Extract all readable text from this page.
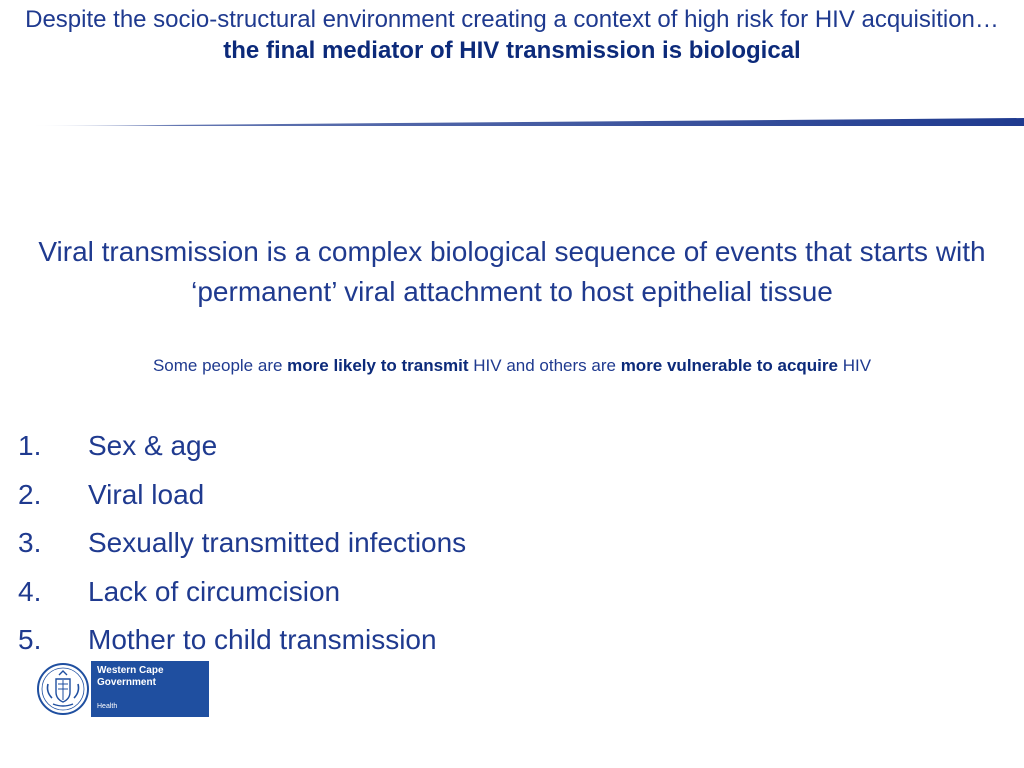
Despite the socio-structural environment creating a context of high risk for HIV acquisition…

the final mediator of HIV transmission is biological

Viral transmission is a complex biological sequence of events that starts with ‘permanent’ viral attachment to host epithelial tissue
Some people are more likely to transmit HIV and others are more vulnerable to acquire HIV
1.	Sex & age
2.	Viral load
3.	Sexually transmitted infections
4.	Lack of circumcision
5.	Mother to child transmission

Western Cape

Government

Health
